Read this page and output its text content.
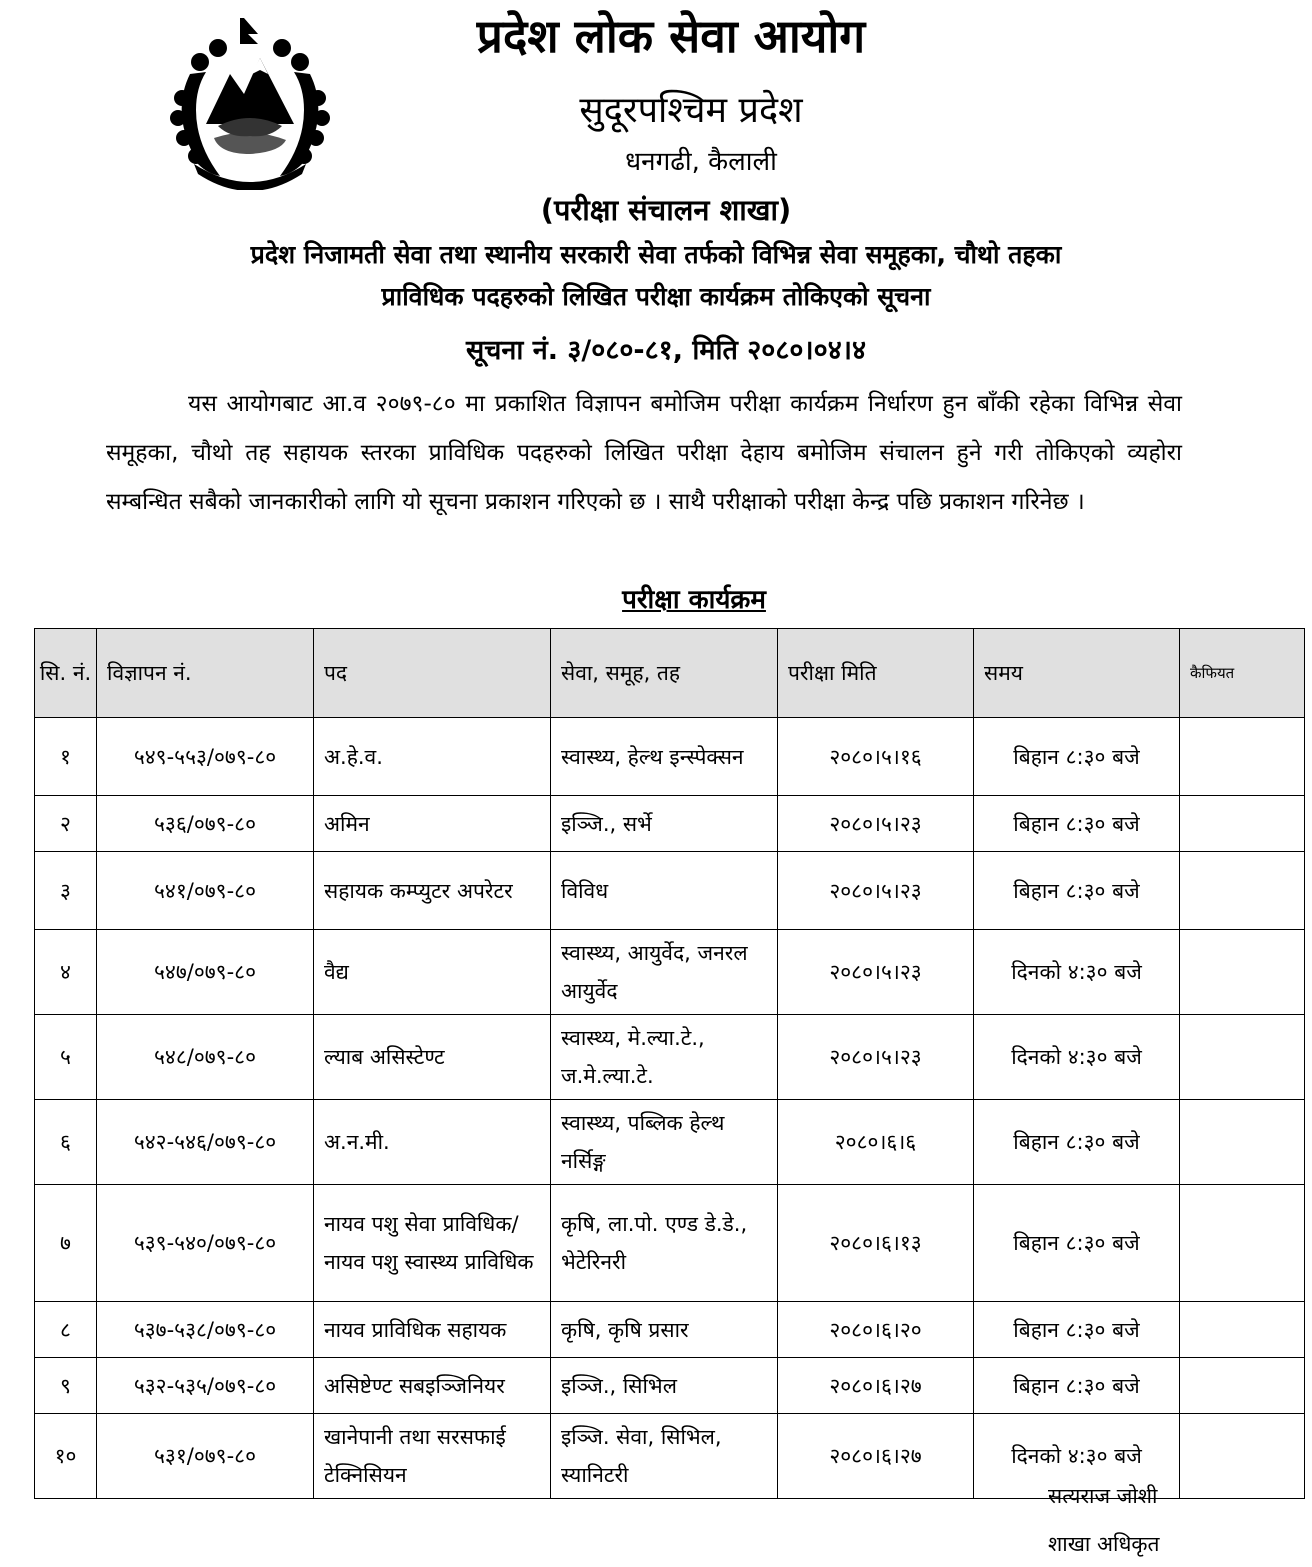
प्रदेश लोक सेवा आयोग
सुदूरपश्चिम प्रदेश
धनगढी, कैलाली
(परीक्षा संचालन शाखा)
प्रदेश निजामती सेवा तथा स्थानीय सरकारी सेवा तर्फको विभिन्न सेवा समूहका, चौथो तहका
प्राविधिक पदहरुको लिखित परीक्षा कार्यक्रम तोकिएको सूचना
सूचना नं. ३/०८०-८१, मिति २०८०।०४।४
यस आयोगबाट आ.व २०७९-८० मा प्रकाशित विज्ञापन बमोजिम परीक्षा कार्यक्रम निर्धारण हुन बाँकी रहेका विभिन्न सेवा समूहका, चौथो तह सहायक स्तरका प्राविधिक पदहरुको लिखित परीक्षा देहाय बमोजिम संचालन हुने गरी तोकिएको व्यहोरा सम्बन्धित सबैको जानकारीको लागि यो सूचना प्रकाशन गरिएको छ । साथै परीक्षाको परीक्षा केन्द्र पछि प्रकाशन गरिनेछ ।
परीक्षा कार्यक्रम
सि. नं.	विज्ञापन नं.	पद	सेवा, समूह, तह	परीक्षा मिति	समय	कैफियत
१	५४९-५५३/०७९-८०	अ.हे.व.	स्वास्थ्य, हेल्थ इन्स्पेक्सन	२०८०।५।१६	बिहान ८:३० बजे	
२	५३६/०७९-८०	अमिन	इञ्जि., सर्भे	२०८०।५।२३	बिहान ८:३० बजे	
३	५४१/०७९-८०	सहायक कम्प्युटर अपरेटर	विविध	२०८०।५।२३	बिहान ८:३० बजे	
४	५४७/०७९-८०	वैद्य	स्वास्थ्य, आयुर्वेद, जनरल आयुर्वेद	२०८०।५।२३	दिनको ४:३० बजे	
५	५४८/०७९-८०	ल्याब असिस्टेण्ट	स्वास्थ्य, मे.ल्या.टे., ज.मे.ल्या.टे.	२०८०।५।२३	दिनको ४:३० बजे	
६	५४२-५४६/०७९-८०	अ.न.मी.	स्वास्थ्य, पब्लिक हेल्थ नर्सिङ्ग	२०८०।६।६	बिहान ८:३० बजे	
७	५३९-५४०/०७९-८०	नायव पशु सेवा प्राविधिक/ नायव पशु स्वास्थ्य प्राविधिक	कृषि, ला.पो. एण्ड डे.डे., भेटेरिनरी	२०८०।६।१३	बिहान ८:३० बजे	
८	५३७-५३८/०७९-८०	नायव प्राविधिक सहायक	कृषि, कृषि प्रसार	२०८०।६।२०	बिहान ८:३० बजे	
९	५३२-५३५/०७९-८०	असिष्टेण्ट सबइञ्जिनियर	इञ्जि., सिभिल	२०८०।६।२७	बिहान ८:३० बजे	
१०	५३१/०७९-८०	खानेपानी तथा सरसफाई टेक्निसियन	इञ्जि. सेवा, सिभिल, स्यानिटरी	२०८०।६।२७	दिनको ४:३० बजे	
सत्यराज जोशी
शाखा अधिकृत
